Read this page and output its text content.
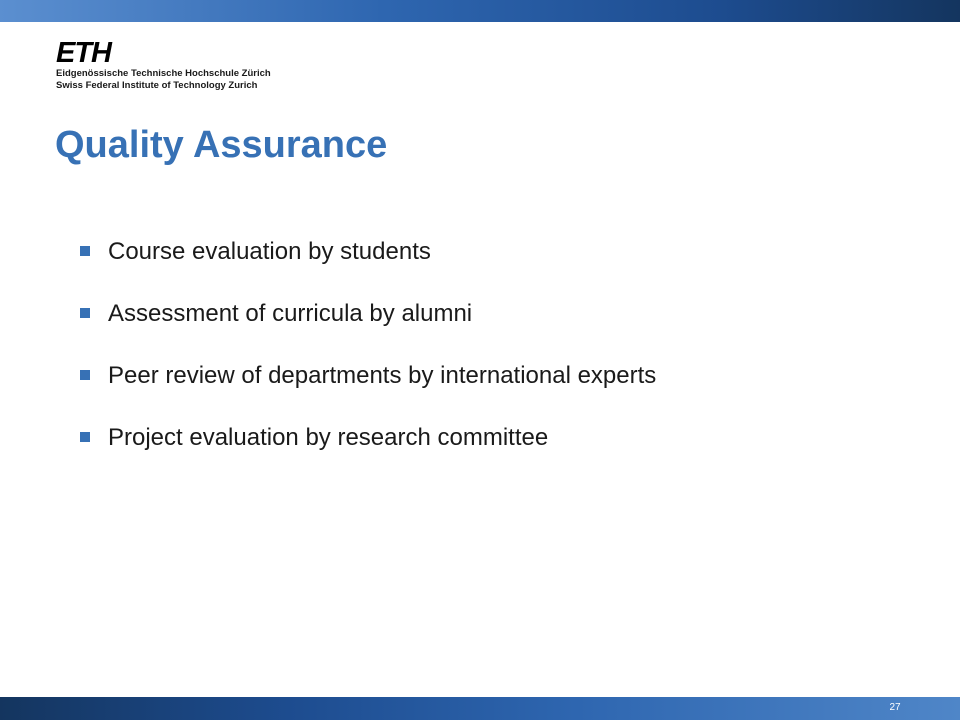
ETH
Eidgenössische Technische Hochschule Zürich
Swiss Federal Institute of Technology Zurich
Quality Assurance
Course evaluation by students
Assessment of curricula by alumni
Peer review of departments by international experts
Project evaluation by research committee
27
